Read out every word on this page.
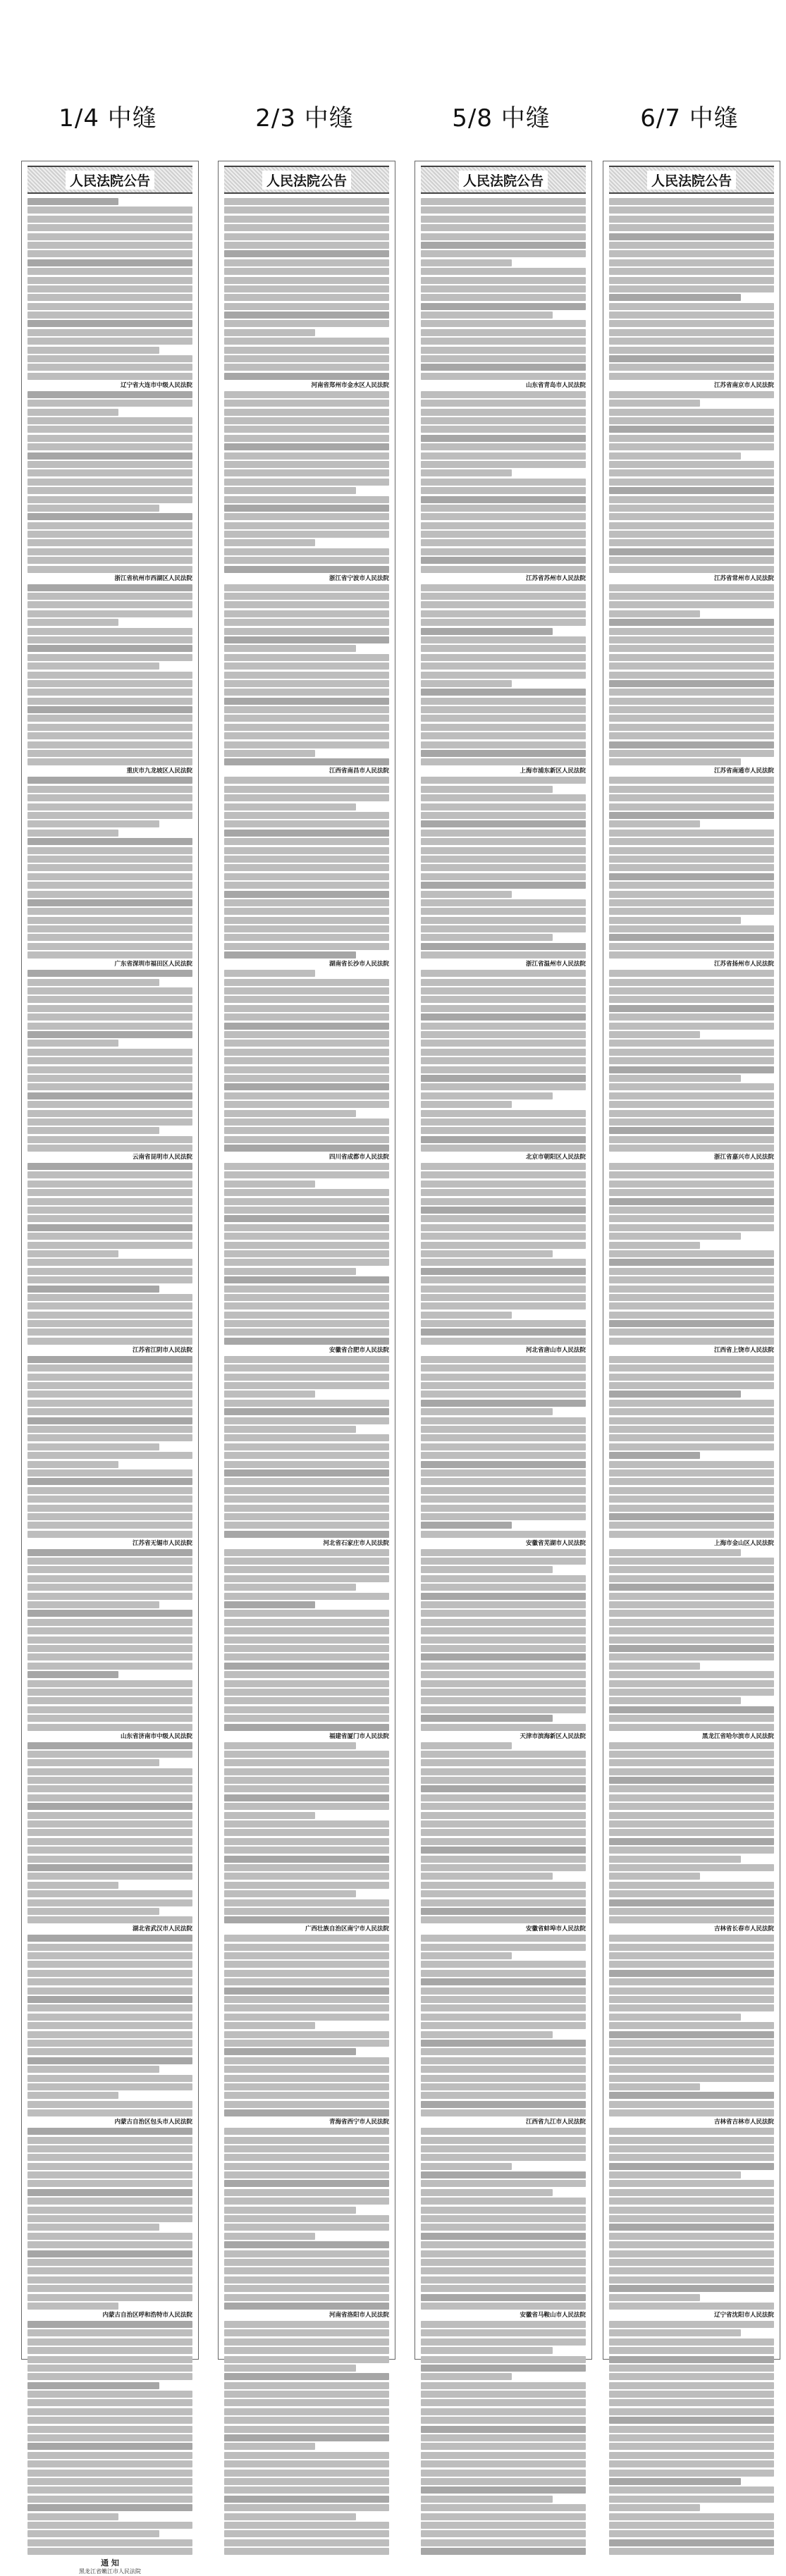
1/4 中缝	2/3 中缝	5/8 中缝	6/7 中缝
人民法院公告
辽宁省大连市中级人民法院
浙江省杭州市西湖区人民法院
重庆市九龙坡区人民法院
广东省深圳市福田区人民法院
云南省昆明市人民法院
江苏省江阴市人民法院
江苏省无锡市人民法院
山东省济南市中级人民法院
湖北省武汉市人民法院
内蒙古自治区包头市人民法院
内蒙古自治区呼和浩特市人民法院
通 知
黑龙江省嫩江市人民法院
人民法院公告
河南省郑州市金水区人民法院
浙江省宁波市人民法院
江西省南昌市人民法院
湖南省长沙市人民法院
四川省成都市人民法院
安徽省合肥市人民法院
河北省石家庄市人民法院
福建省厦门市人民法院
广西壮族自治区南宁市人民法院
青海省西宁市人民法院
河南省洛阳市人民法院
人民法院公告
山东省青岛市人民法院
江苏省苏州市人民法院
上海市浦东新区人民法院
浙江省温州市人民法院
北京市朝阳区人民法院
河北省唐山市人民法院
安徽省芜湖市人民法院
天津市滨海新区人民法院
安徽省蚌埠市人民法院
江西省九江市人民法院
安徽省马鞍山市人民法院
人民法院公告
江苏省南京市人民法院
江苏省常州市人民法院
江苏省南通市人民法院
江苏省扬州市人民法院
浙江省嘉兴市人民法院
江西省上饶市人民法院
上海市金山区人民法院
黑龙江省哈尔滨市人民法院
吉林省长春市人民法院
吉林省吉林市人民法院
辽宁省沈阳市人民法院
